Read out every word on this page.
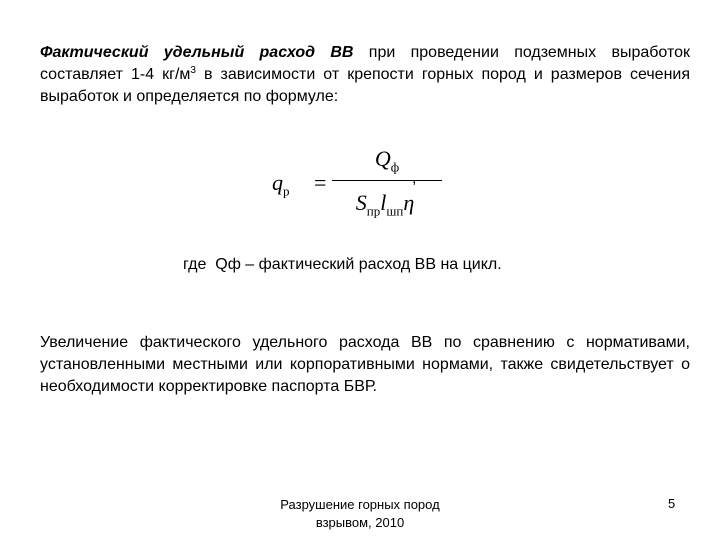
Фактический удельный расход ВВ при проведении подземных выработок составляет 1-4 $кг/м^3$ в зависимости от крепости горных пород и размеров сечения выработок и определяется по формуле:

$q_р$ =
$Q_ф$
$S_{пр}l_{шп}\eta$
,
где  Qф – фактический расход ВВ на цикл.

Увеличение фактического удельного расхода ВВ по сравнению с нормативами, установленными местными или корпоративными нормами, также свидетельствует о необходимости корректировке паспорта БВР.

Разрушение горных пород
взрывом, 2010
5
